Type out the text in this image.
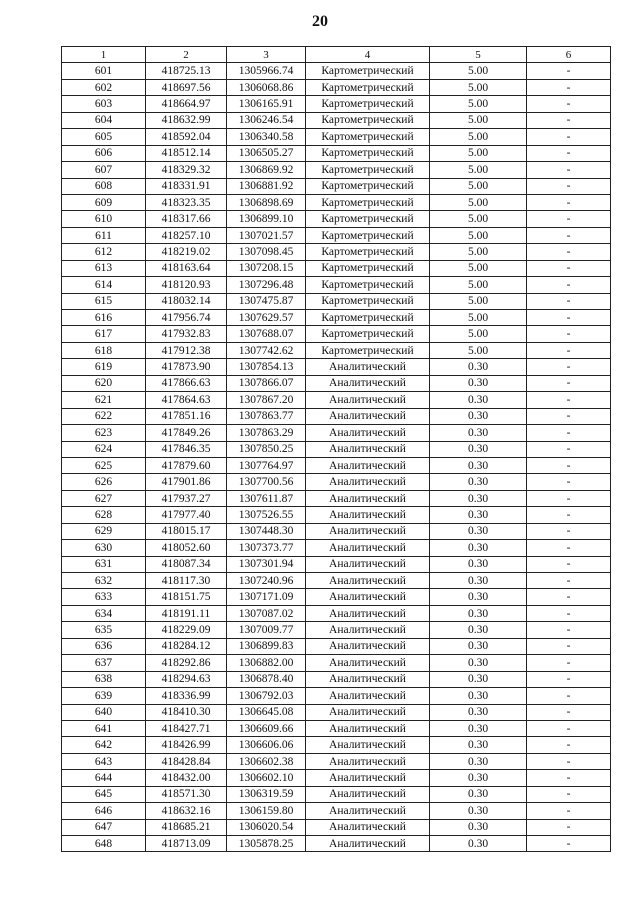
20
1	2	3	4	5	6
601	418725.13	1305966.74	Картометрический	5.00	-
602	418697.56	1306068.86	Картометрический	5.00	-
603	418664.97	1306165.91	Картометрический	5.00	-
604	418632.99	1306246.54	Картометрический	5.00	-
605	418592.04	1306340.58	Картометрический	5.00	-
606	418512.14	1306505.27	Картометрический	5.00	-
607	418329.32	1306869.92	Картометрический	5.00	-
608	418331.91	1306881.92	Картометрический	5.00	-
609	418323.35	1306898.69	Картометрический	5.00	-
610	418317.66	1306899.10	Картометрический	5.00	-
611	418257.10	1307021.57	Картометрический	5.00	-
612	418219.02	1307098.45	Картометрический	5.00	-
613	418163.64	1307208.15	Картометрический	5.00	-
614	418120.93	1307296.48	Картометрический	5.00	-
615	418032.14	1307475.87	Картометрический	5.00	-
616	417956.74	1307629.57	Картометрический	5.00	-
617	417932.83	1307688.07	Картометрический	5.00	-
618	417912.38	1307742.62	Картометрический	5.00	-
619	417873.90	1307854.13	Аналитический	0.30	-
620	417866.63	1307866.07	Аналитический	0.30	-
621	417864.63	1307867.20	Аналитический	0.30	-
622	417851.16	1307863.77	Аналитический	0.30	-
623	417849.26	1307863.29	Аналитический	0.30	-
624	417846.35	1307850.25	Аналитический	0.30	-
625	417879.60	1307764.97	Аналитический	0.30	-
626	417901.86	1307700.56	Аналитический	0.30	-
627	417937.27	1307611.87	Аналитический	0.30	-
628	417977.40	1307526.55	Аналитический	0.30	-
629	418015.17	1307448.30	Аналитический	0.30	-
630	418052.60	1307373.77	Аналитический	0.30	-
631	418087.34	1307301.94	Аналитический	0.30	-
632	418117.30	1307240.96	Аналитический	0.30	-
633	418151.75	1307171.09	Аналитический	0.30	-
634	418191.11	1307087.02	Аналитический	0.30	-
635	418229.09	1307009.77	Аналитический	0.30	-
636	418284.12	1306899.83	Аналитический	0.30	-
637	418292.86	1306882.00	Аналитический	0.30	-
638	418294.63	1306878.40	Аналитический	0.30	-
639	418336.99	1306792.03	Аналитический	0.30	-
640	418410.30	1306645.08	Аналитический	0.30	-
641	418427.71	1306609.66	Аналитический	0.30	-
642	418426.99	1306606.06	Аналитический	0.30	-
643	418428.84	1306602.38	Аналитический	0.30	-
644	418432.00	1306602.10	Аналитический	0.30	-
645	418571.30	1306319.59	Аналитический	0.30	-
646	418632.16	1306159.80	Аналитический	0.30	-
647	418685.21	1306020.54	Аналитический	0.30	-
648	418713.09	1305878.25	Аналитический	0.30	-
